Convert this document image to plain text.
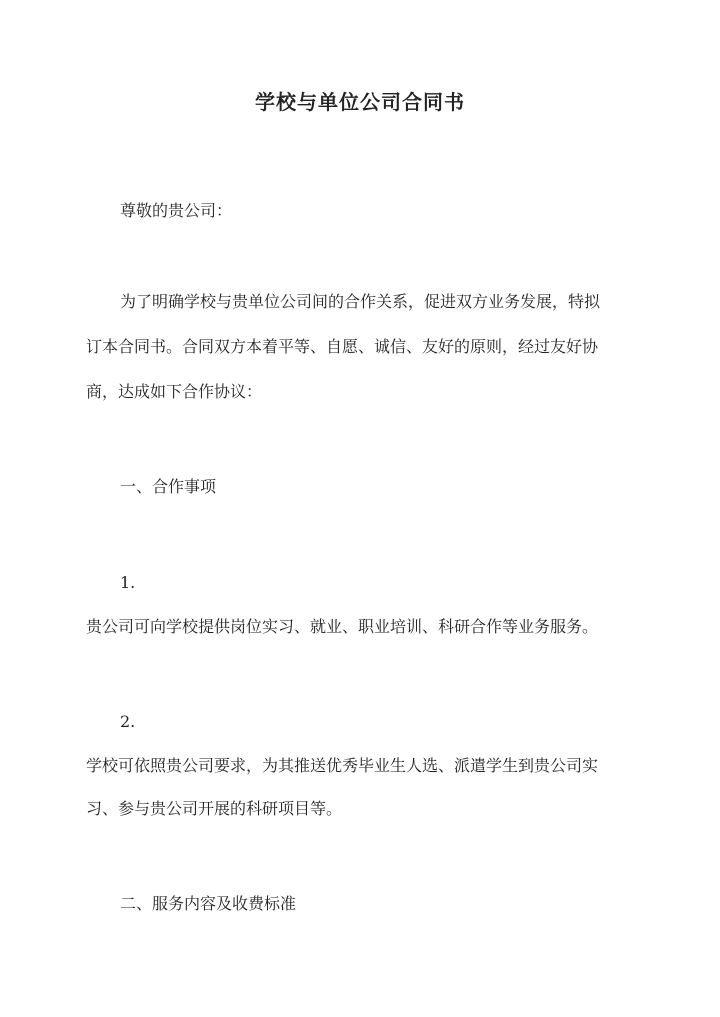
学校与单位公司合同书
尊敬的贵公司：
为了明确学校与贵单位公司间的合作关系，促进双方业务发展，特拟
订本合同书。合同双方本着平等、自愿、诚信、友好的原则，经过友好协
商，达成如下合作协议：
一、合作事项
1.
贵公司可向学校提供岗位实习、就业、职业培训、科研合作等业务服务。
2.
学校可依照贵公司要求，为其推送优秀毕业生人选、派遣学生到贵公司实
习、参与贵公司开展的科研项目等。
二、服务内容及收费标准
